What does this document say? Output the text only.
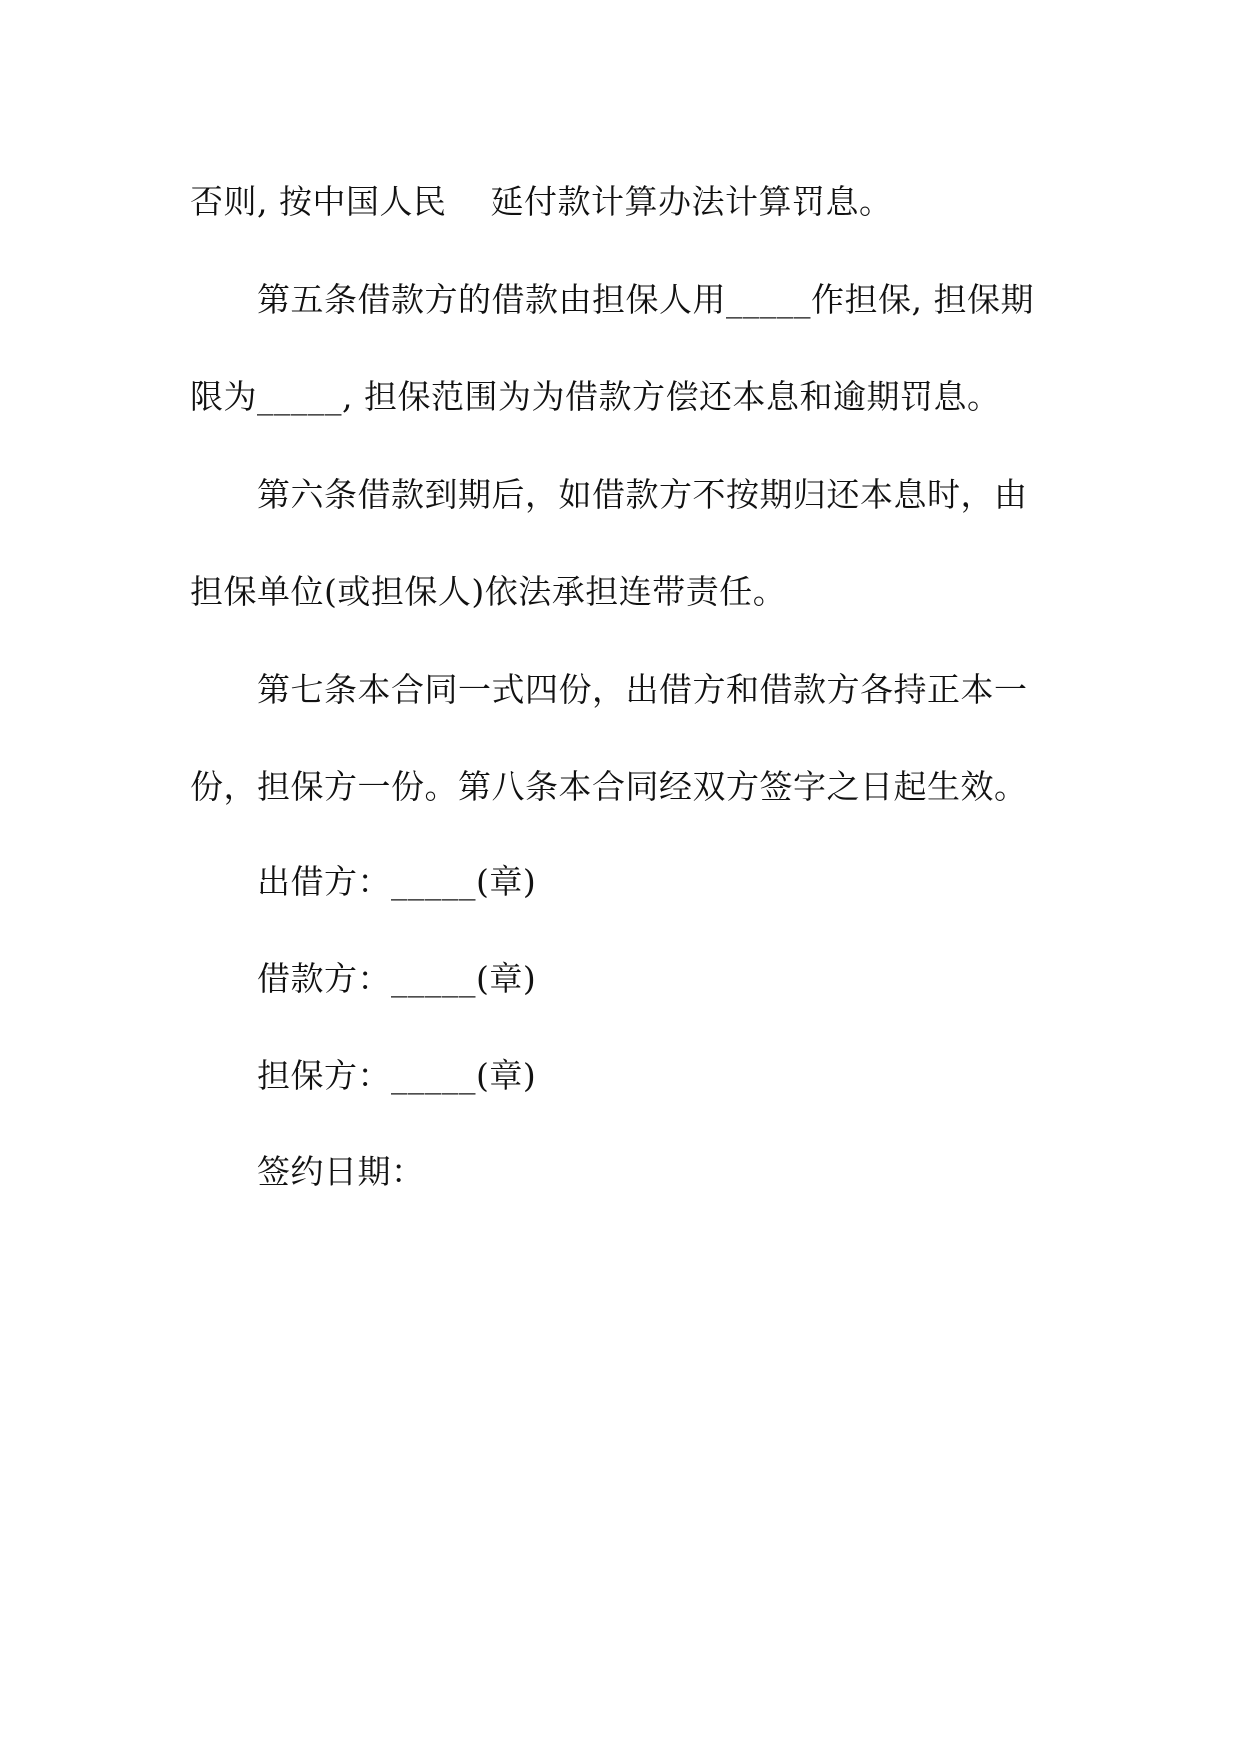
否则, 按中国人民    延付款计算办法计算罚息。
第五条借款方的借款由担保人用_____作担保, 担保期
限为_____, 担保范围为为借款方偿还本息和逾期罚息。
第六条借款到期后，如借款方不按期归还本息时，由
担保单位(或担保人)依法承担连带责任。
第七条本合同一式四份，出借方和借款方各持正本一
份，担保方一份。第八条本合同经双方签字之日起生效。
出借方：_____(章)
借款方：_____(章)
担保方：_____(章)
签约日期：
